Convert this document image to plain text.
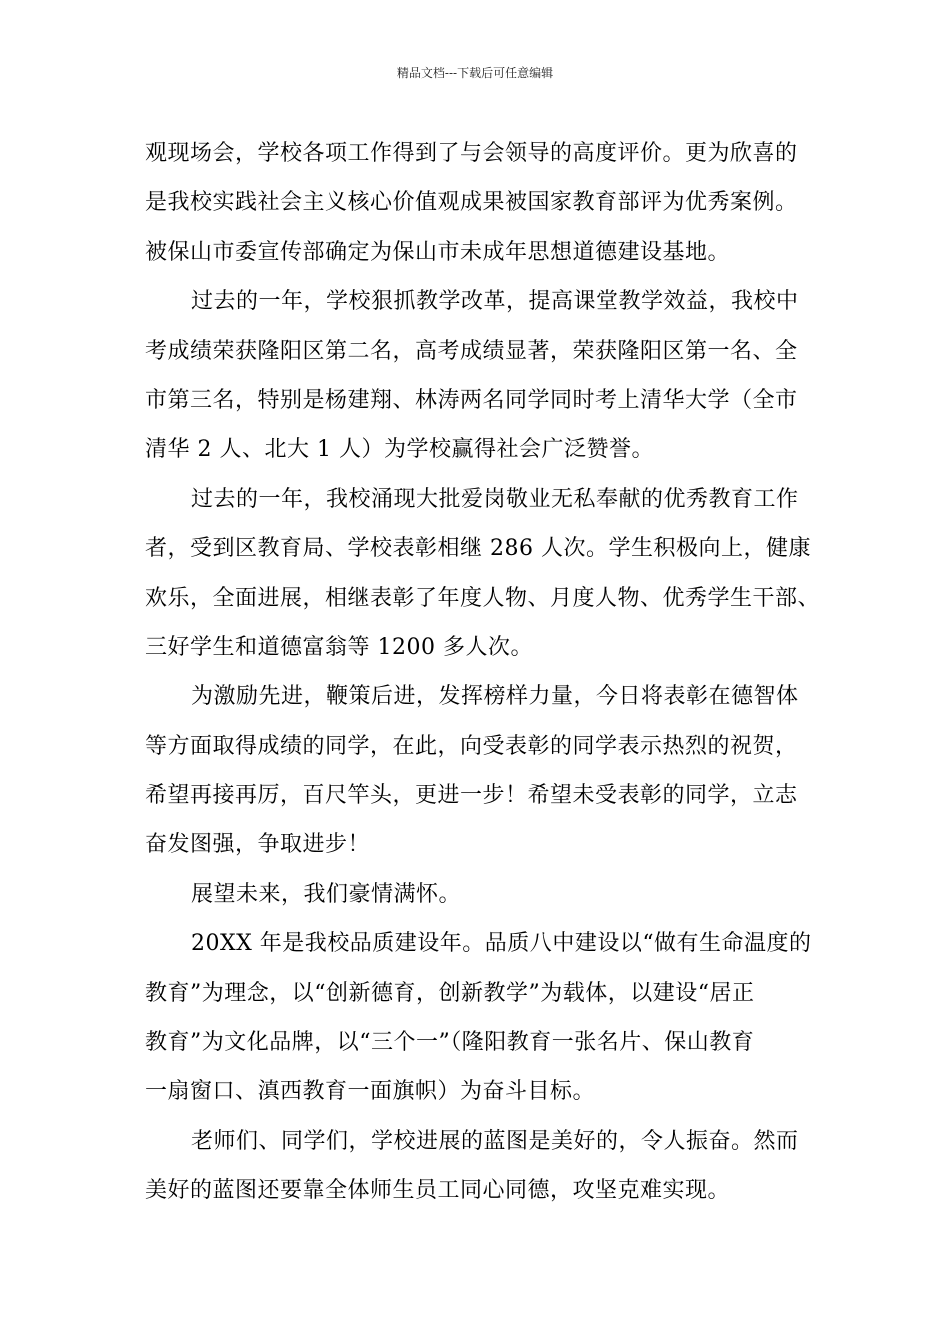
精品文档---下载后可任意编辑
观现场会，学校各项工作得到了与会领导的高度评价。更为欣喜的
是我校实践社会主义核心价值观成果被国家教育部评为优秀案例。
被保山市委宣传部确定为保山市未成年思想道德建设基地。
过去的一年，学校狠抓教学改革，提高课堂教学效益，我校中
考成绩荣获隆阳区第二名，高考成绩显著，荣获隆阳区第一名、全
市第三名，特别是杨建翔、林涛两名同学同时考上清华大学（全市
清华 2 人、北大 1 人）为学校赢得社会广泛赞誉。
过去的一年，我校涌现大批爱岗敬业无私奉献的优秀教育工作
者，受到区教育局、学校表彰相继 286 人次。学生积极向上，健康
欢乐，全面进展，相继表彰了年度人物、月度人物、优秀学生干部、
三好学生和道德富翁等 1200 多人次。
为激励先进，鞭策后进，发挥榜样力量，今日将表彰在德智体
等方面取得成绩的同学，在此，向受表彰的同学表示热烈的祝贺，
希望再接再厉，百尺竿头，更进一步！希望未受表彰的同学，立志
奋发图强，争取进步！
展望未来，我们豪情满怀。
20XX 年是我校品质建设年。品质八中建设以“做有生命温度的
教育”为理念，以“创新德育，创新教学”为载体，以建设“居正
教育”为文化品牌，以“三个一”（隆阳教育一张名片、保山教育
一扇窗口、滇西教育一面旗帜）为奋斗目标。
老师们、同学们，学校进展的蓝图是美好的，令人振奋。然而
美好的蓝图还要靠全体师生员工同心同德，攻坚克难实现。
